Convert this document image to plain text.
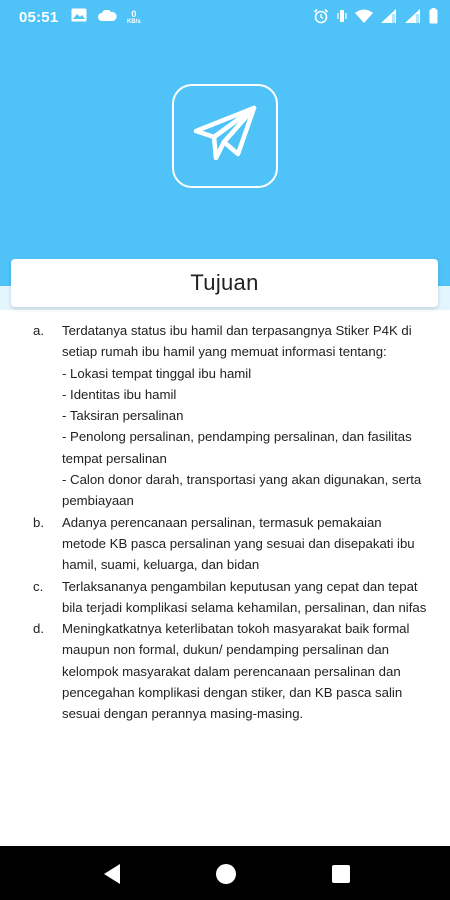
05:51	0
KB/s
Tujuan
a.	Terdatanya status ibu hamil dan terpasangnya Stiker P4K di setiap rumah ibu hamil yang memuat informasi tentang:
- Lokasi tempat tinggal ibu hamil
- Identitas ibu hamil
- Taksiran persalinan
- Penolong persalinan, pendamping persalinan, dan fasilitas tempat persalinan
- Calon donor darah, transportasi yang akan digunakan, serta pembiayaan
b.	Adanya perencanaan persalinan, termasuk pemakaian metode KB pasca persalinan yang sesuai dan disepakati ibu hamil, suami, keluarga, dan bidan
c.	Terlaksananya pengambilan keputusan yang cepat dan tepat bila terjadi komplikasi selama kehamilan, persalinan, dan nifas
d.	Meningkatkatnya keterlibatan tokoh masyarakat baik formal maupun non formal, dukun/ pendamping persalinan dan kelompok masyarakat dalam perencanaan persalinan dan pencegahan komplikasi dengan stiker, dan KB pasca salin sesuai dengan perannya masing-masing.
